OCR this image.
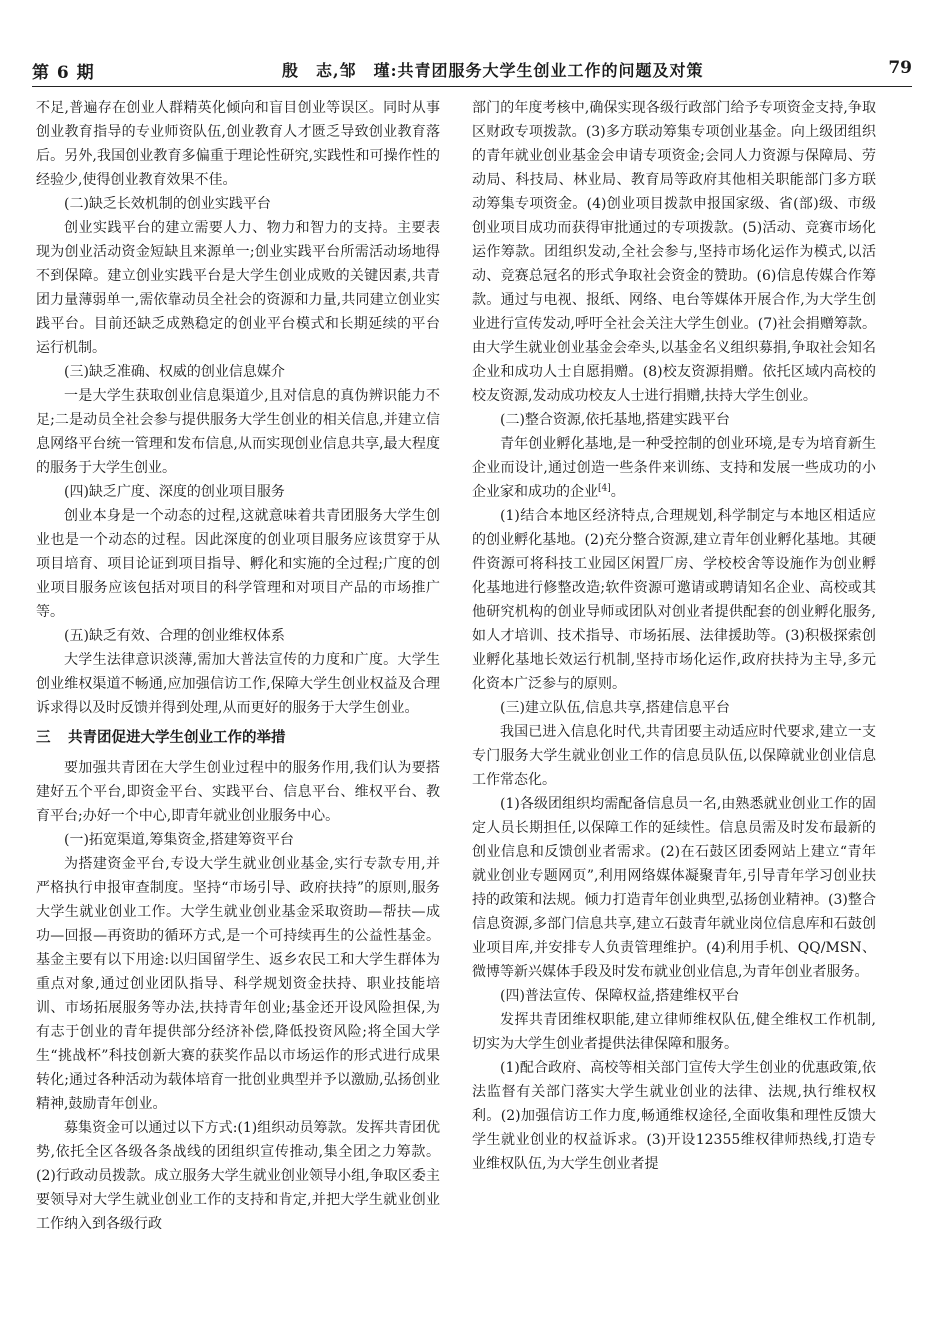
第 6 期	殷　志,邹　瑾:共青团服务大学生创业工作的问题及对策	79

不足,普遍存在创业人群精英化倾向和盲目创业等误区。同时从事创业教育指导的专业师资队伍,创业教育人才匮乏导致创业教育落后。另外,我国创业教育多偏重于理论性研究,实践性和可操作性的经验少,使得创业教育效果不佳。

(二)缺乏长效机制的创业实践平台

创业实践平台的建立需要人力、物力和智力的支持。主要表现为创业活动资金短缺且来源单一;创业实践平台所需活动场地得不到保障。建立创业实践平台是大学生创业成败的关键因素,共青团力量薄弱单一,需依靠动员全社会的资源和力量,共同建立创业实践平台。目前还缺乏成熟稳定的创业平台模式和长期延续的平台运行机制。

(三)缺乏准确、权威的创业信息媒介

一是大学生获取创业信息渠道少,且对信息的真伪辨识能力不足;二是动员全社会参与提供服务大学生创业的相关信息,并建立信息网络平台统一管理和发布信息,从而实现创业信息共享,最大程度的服务于大学生创业。

(四)缺乏广度、深度的创业项目服务

创业本身是一个动态的过程,这就意味着共青团服务大学生创业也是一个动态的过程。因此深度的创业项目服务应该贯穿于从项目培育、项目论证到项目指导、孵化和实施的全过程;广度的创业项目服务应该包括对项目的科学管理和对项目产品的市场推广等。

(五)缺乏有效、合理的创业维权体系

大学生法律意识淡薄,需加大普法宣传的力度和广度。大学生创业维权渠道不畅通,应加强信访工作,保障大学生创业权益及合理诉求得以及时反馈并得到处理,从而更好的服务于大学生创业。

三 共青团促进大学生创业工作的举措

要加强共青团在大学生创业过程中的服务作用,我们认为要搭建好五个平台,即资金平台、实践平台、信息平台、维权平台、教育平台;办好一个中心,即青年就业创业服务中心。

(一)拓宽渠道,筹集资金,搭建筹资平台

为搭建资金平台,专设大学生就业创业基金,实行专款专用,并严格执行申报审查制度。坚持“市场引导、政府扶持”的原则,服务大学生就业创业工作。大学生就业创业基金采取资助—帮扶—成功—回报—再资助的循环方式,是一个可持续再生的公益性基金。基金主要有以下用途:以归国留学生、返乡农民工和大学生群体为重点对象,通过创业团队指导、科学规划资金扶持、职业技能培训、市场拓展服务等办法,扶持青年创业;基金还开设风险担保,为有志于创业的青年提供部分经济补偿,降低投资风险;将全国大学生“挑战杯”科技创新大赛的获奖作品以市场运作的形式进行成果转化;通过各种活动为载体培育一批创业典型并予以激励,弘扬创业精神,鼓励青年创业。

募集资金可以通过以下方式:(1)组织动员筹款。发挥共青团优势,依托全区各级各条战线的团组织宣传推动,集全团之力筹款。(2)行政动员拨款。成立服务大学生就业创业领导小组,争取区委主要领导对大学生就业创业工作的支持和肯定,并把大学生就业创业工作纳入到各级行政

部门的年度考核中,确保实现各级行政部门给予专项资金支持,争取区财政专项拨款。(3)多方联动筹集专项创业基金。向上级团组织的青年就业创业基金会申请专项资金;会同人力资源与保障局、劳动局、科技局、林业局、教育局等政府其他相关职能部门多方联动筹集专项资金。(4)创业项目拨款申报国家级、省(部)级、市级创业项目成功而获得审批通过的专项拨款。(5)活动、竞赛市场化运作筹款。团组织发动,全社会参与,坚持市场化运作为模式,以活动、竞赛总冠名的形式争取社会资金的赞助。(6)信息传媒合作筹款。通过与电视、报纸、网络、电台等媒体开展合作,为大学生创业进行宣传发动,呼吁全社会关注大学生创业。(7)社会捐赠筹款。由大学生就业创业基金会牵头,以基金名义组织募捐,争取社会知名企业和成功人士自愿捐赠。(8)校友资源捐赠。依托区域内高校的校友资源,发动成功校友人士进行捐赠,扶持大学生创业。

(二)整合资源,依托基地,搭建实践平台

青年创业孵化基地,是一种受控制的创业环境,是专为培育新生企业而设计,通过创造一些条件来训练、支持和发展一些成功的小企业家和成功的企业[4]。

(1)结合本地区经济特点,合理规划,科学制定与本地区相适应的创业孵化基地。(2)充分整合资源,建立青年创业孵化基地。其硬件资源可将科技工业园区闲置厂房、学校校舍等设施作为创业孵化基地进行修整改造;软件资源可邀请或聘请知名企业、高校或其他研究机构的创业导师或团队对创业者提供配套的创业孵化服务,如人才培训、技术指导、市场拓展、法律援助等。(3)积极探索创业孵化基地长效运行机制,坚持市场化运作,政府扶持为主导,多元化资本广泛参与的原则。

(三)建立队伍,信息共享,搭建信息平台

我国已进入信息化时代,共青团要主动适应时代要求,建立一支专门服务大学生就业创业工作的信息员队伍,以保障就业创业信息工作常态化。

(1)各级团组织均需配备信息员一名,由熟悉就业创业工作的固定人员长期担任,以保障工作的延续性。信息员需及时发布最新的创业信息和反馈创业者需求。(2)在石鼓区团委网站上建立“青年就业创业专题网页”,利用网络媒体凝聚青年,引导青年学习创业扶持的政策和法规。倾力打造青年创业典型,弘扬创业精神。(3)整合信息资源,多部门信息共享,建立石鼓青年就业岗位信息库和石鼓创业项目库,并安排专人负责管理维护。(4)利用手机、QQ/MSN、微博等新兴媒体手段及时发布就业创业信息,为青年创业者服务。

(四)普法宣传、保障权益,搭建维权平台

发挥共青团维权职能,建立律师维权队伍,健全维权工作机制,切实为大学生创业者提供法律保障和服务。

(1)配合政府、高校等相关部门宣传大学生创业的优惠政策,依法监督有关部门落实大学生就业创业的法律、法规,执行维权权利。(2)加强信访工作力度,畅通维权途径,全面收集和理性反馈大学生就业创业的权益诉求。(3)开设12355维权律师热线,打造专业维权队伍,为大学生创业者提
